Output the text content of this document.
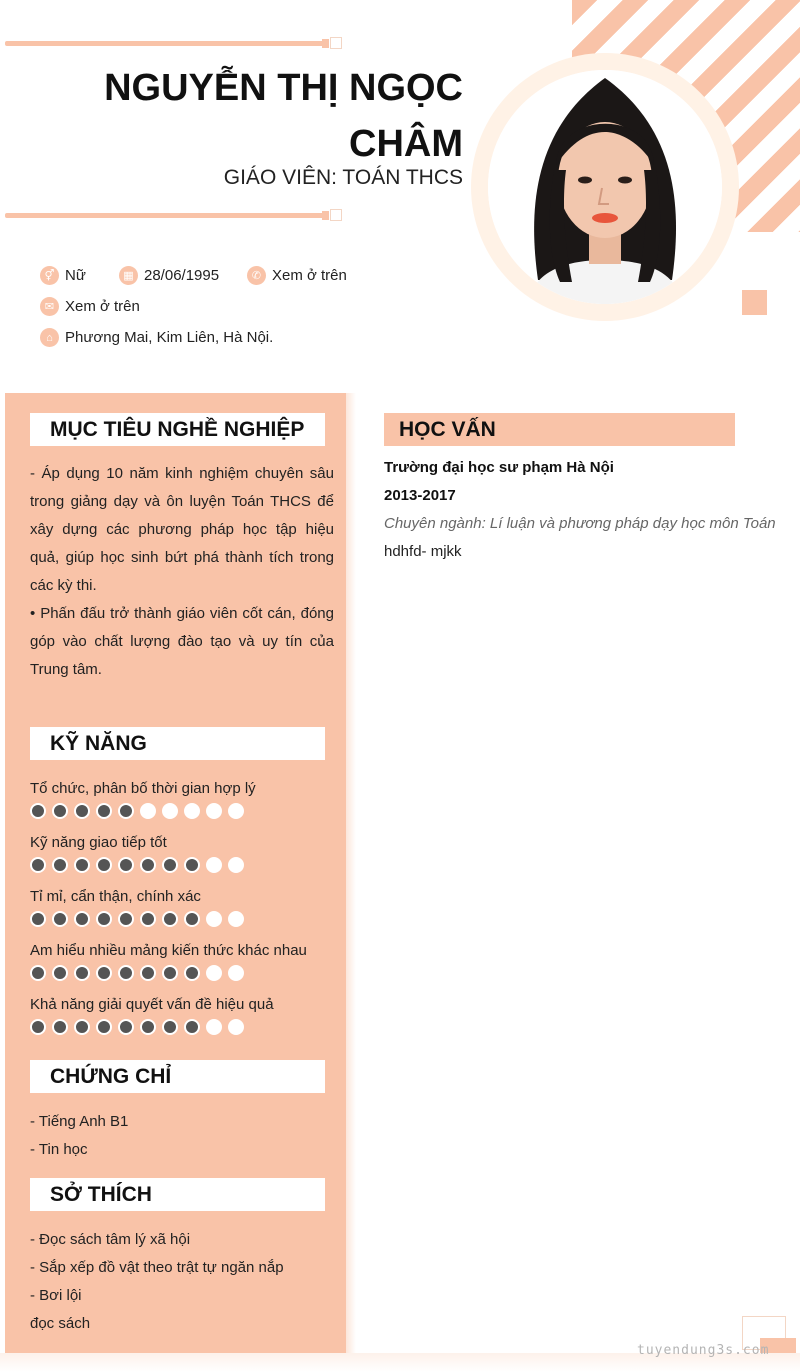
NGUYỄN THỊ NGỌC CHÂM
GIÁO VIÊN: TOÁN THCS
⚥ Nữ	▦ 28/06/1995	✆ Xem ở trên
✉ Xem ở trên
⌂ Phương Mai, Kim Liên, Hà Nội.
MỤC TIÊU NGHỀ NGHIỆP
- Áp dụng 10 năm kinh nghiệm chuyên sâu trong giảng dạy và ôn luyện Toán THCS để xây dựng các phương pháp học tập hiệu quả, giúp học sinh bứt phá thành tích trong các kỳ thi.
• Phấn đấu trở thành giáo viên cốt cán, đóng góp vào chất lượng đào tạo và uy tín của Trung tâm.
KỸ NĂNG
Tổ chức, phân bố thời gian hợp lý
Kỹ năng giao tiếp tốt
Tỉ mỉ, cẩn thận, chính xác
Am hiểu nhiều mảng kiến thức khác nhau
Khả năng giải quyết vấn đề hiệu quả
CHỨNG CHỈ
- Tiếng Anh B1
- Tin học
SỞ THÍCH
- Đọc sách tâm lý xã hội
- Sắp xếp đồ vật theo trật tự ngăn nắp
- Bơi lội
đọc sách
HỌC VẤN
Trường đại học sư phạm Hà Nội
2013-2017
Chuyên ngành: Lí luận và phương pháp dạy học môn Toán
hdhfd- mjkk
tuyendung3s.com
